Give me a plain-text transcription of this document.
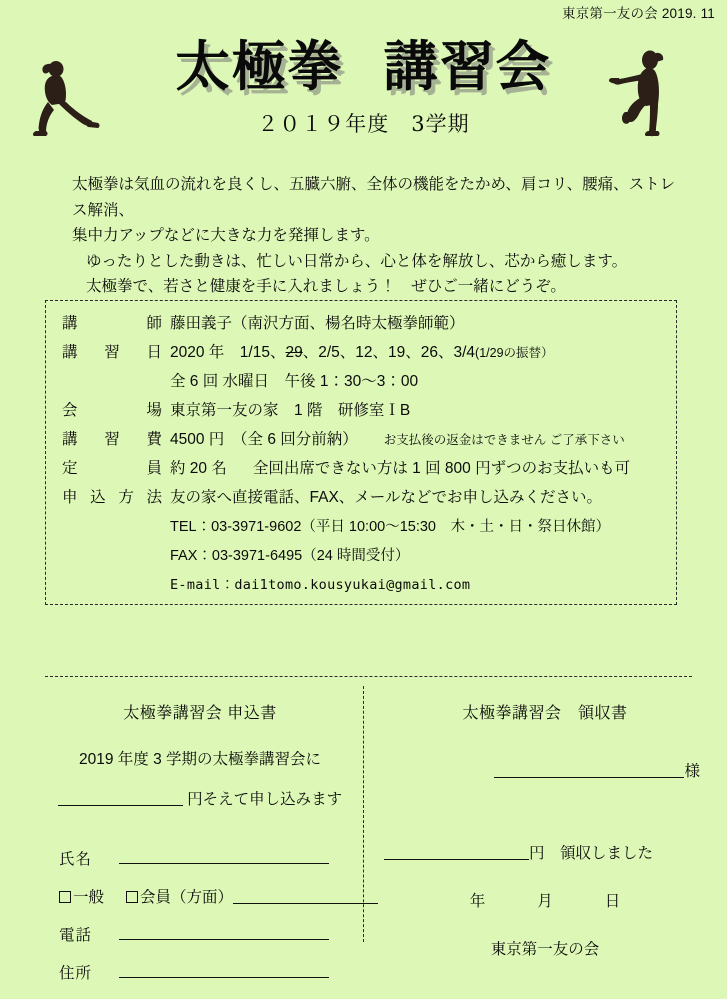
東京第一友の会 2019. 11
太極拳 講習会
２０１９年度　3学期

太極拳は気血の流れを良くし、五臓六腑、全体の機能をたかめ、肩コリ、腰痛、ストレス解消、

集中力アップなどに大きな力を発揮します。

ゆったりとした動きは、忙しい日常から、心と体を解放し、芯から癒します。

太極拳で、若さと健康を手に入れましょう！　ぜひご一緒にどうぞ。

講師 藤田義子（南沢方面、楊名時太極拳師範）
講習日 2020 年　1/15、29、2/5、12、19、26、3/4(1/29の振替）
全 6 回 水曜日　午後 1：30～3：00
会場 東京第一友の家　1 階　研修室ＩB
講習費 4500 円　（全 6 回分前納） お支払後の返金はできません ご了承下さい
定員 約 20 名 全回出席できない方は 1 回 800 円ずつのお支払いも可
申込方法 友の家へ直接電話、FAX、メールなどでお申し込みください。
TEL：03-3971-9602（平日 10:00～15:30　木・土・日・祭日休館）
FAX：03-3971-6495（24 時間受付）
E-mail：dai1tomo.kousyukai@gmail.com

太極拳講習会 申込書

2019 年度 3 学期の太極拳講習会に

円そえて申し込みます

氏名

一般 会員（方面）

電話
住所

太極拳講習会　領収書

様

円　領収しました

年	月	日

東京第一友の会
